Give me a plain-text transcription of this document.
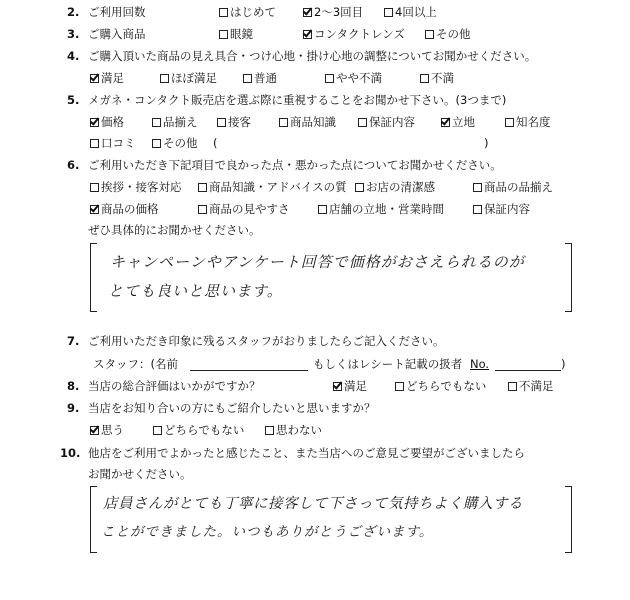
2. ご利用回数	はじめて	2～3回目	4回以上
3. ご購入商品	眼鏡	コンタクトレンズ	その他
4. ご購入頂いた商品の見え具合・つけ心地・掛け心地の調整についてお聞かせください。
満足	ほぼ満足	普通	やや不満	不満
5. メガネ・コンタクト販売店を選ぶ際に重視することをお聞かせ下さい。(3つまで)
価格	品揃え	接客	商品知識	保証内容	立地	知名度
口コミ	その他 (	)
6. ご利用いただき下記項目で良かった点・悪かった点についてお聞かせください。
挨拶・接客対応	商品知識・アドバイスの質	お店の清潔感	商品の品揃え
商品の価格	商品の見やすさ	店舗の立地・営業時間	保証内容
ぜひ具体的にお聞かせください。
キャンペーンやアンケート回答で価格がおさえられるのが
とても良いと思います。
7. ご利用いただき印象に残るスタッフがおりましたらご記入ください。
スタッフ：(名前	もしくはレシート記載の扱者 No.	)
8. 当店の総合評価はいかがですか？	満足	どちらでもない	不満足
9. 当店をお知り合いの方にもご紹介したいと思いますか？
思う	どちらでもない	思わない
10. 他店をご利用でよかったと感じたこと、また当店へのご意見ご要望がございましたら
お聞かせください。
店員さんがとても丁寧に接客して下さって気持ちよく購入する
ことができました。いつもありがとうございます。
